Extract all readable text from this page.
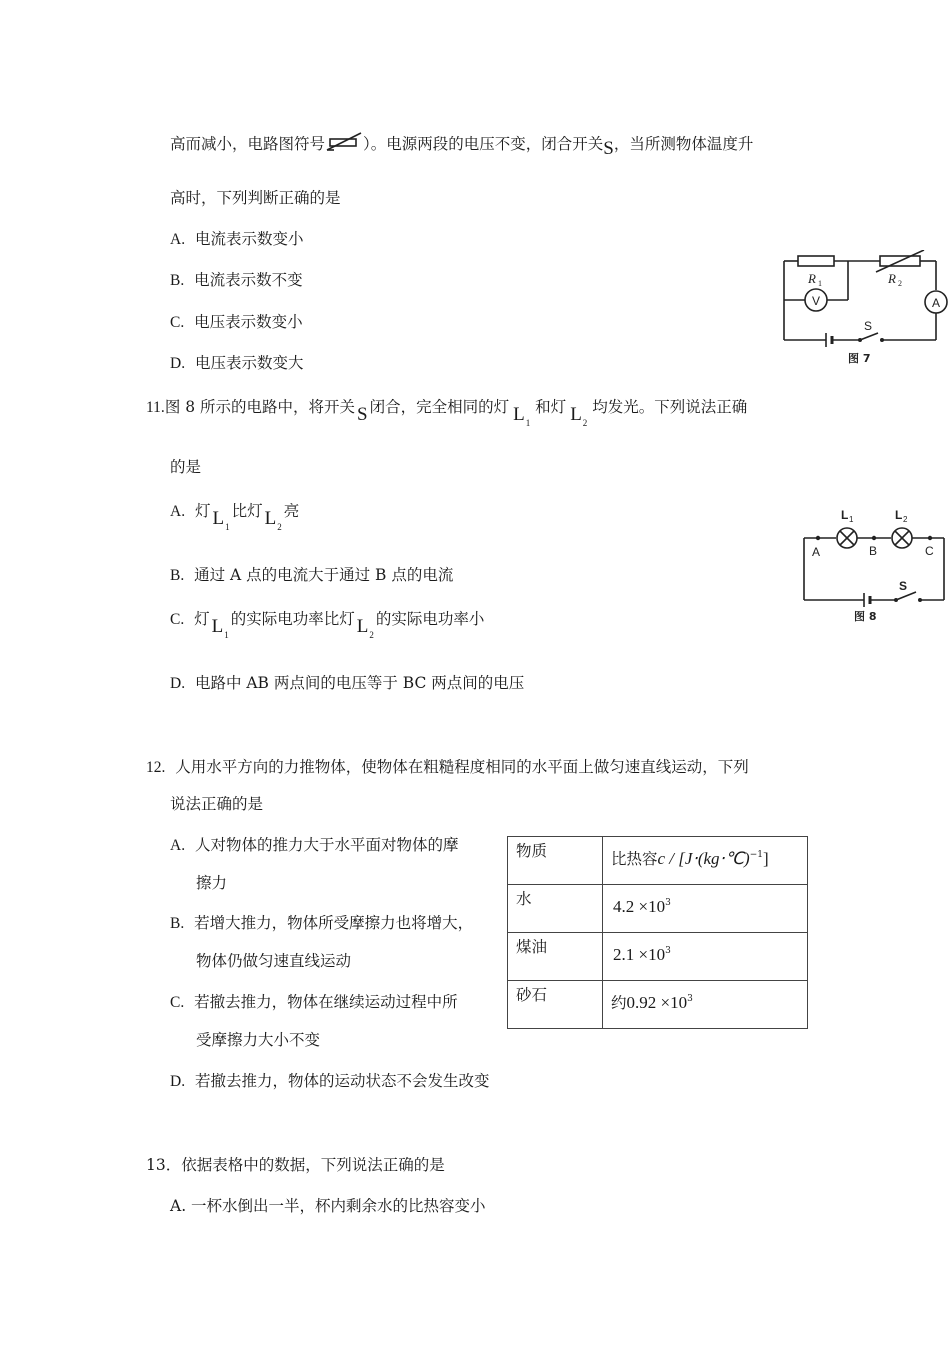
高而减小，电路图符号 ）。电源两段的电压不变，闭合开关S，当所测物体温度升
高时，下列判断正确的是
A. 电流表示数变小
B. 电流表示数不变
C. 电压表示数变小
D. 电压表示数变大
R 1	R 2
V	A
S
图 7
11.图 8 所示的电路中，将开关 S 闭合，完全相同的灯 $L_1$ 和灯 $L_2$ 均发光。下列说法正确
的是
A. 灯 $L_1$比灯 $L_2$亮
B. 通过 A 点的电流大于通过 B 点的电流
C. 灯 $L_1$的实际电功率比灯 $L_2$的实际电功率小
D. 电路中 AB 两点间的电压等于 BC 两点间的电压
L 1	L 2
A	B	C
S
图 8
12. 人用水平方向的力推物体，使物体在粗糙程度相同的水平面上做匀速直线运动，下列
说法正确的是
A. 人对物体的推力大于水平面对物体的摩
擦力
B. 若增大推力，物体所受摩擦力也将增大，
物体仍做匀速直线运动
C. 若撤去推力，物体在继续运动过程中所
受摩擦力大小不变
D. 若撤去推力，物体的运动状态不会发生改变
物质	比热容c / [J⋅(kg⋅℃)$^{-1}$]
水	$4.2 \times 10^3$
煤油	$2.1 \times 10^3$
砂石	约$0.92 \times 10^3$
13．依据表格中的数据，下列说法正确的是
A. 一杯水倒出一半，杯内剩余水的比热容变小
